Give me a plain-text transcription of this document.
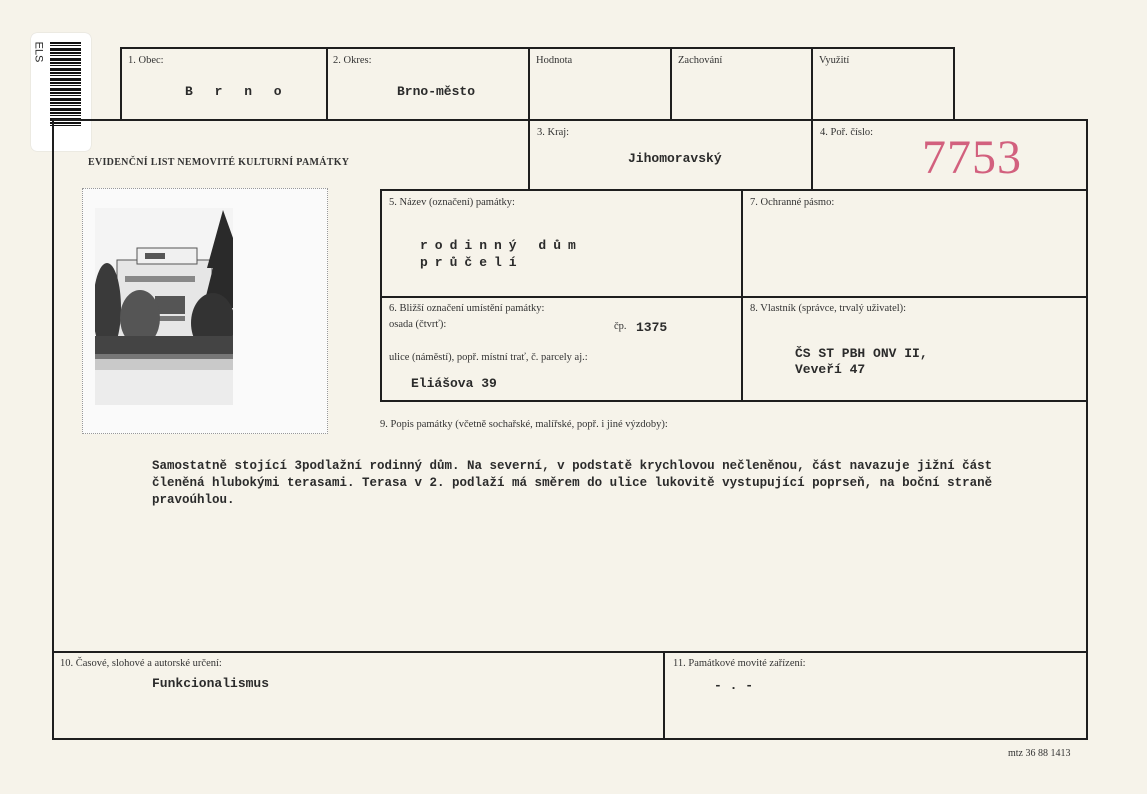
ELS	1. Obec:
B r n o
2. Okres:
Brno-město
Hodnota	Zachování	Využití
EVIDENČNÍ LIST NEMOVITÉ KULTURNÍ PAMÁTKY
3. Kraj:
Jihomoravský
4. Poř. číslo: 7753
5. Název (označení) památky:
rodinný dům
průčelí
7. Ochranné pásmo:
6. Bližší označení umístění památky:
osada (čtvrť):	čp. 1375
ulice (náměstí), popř. místní trať, č. parcely aj.:
Eliášova 39
8. Vlastník (správce, trvalý uživatel):
ČS ST PBH ONV II,
Veveří 47
9. Popis památky (včetně sochařské, malířské, popř. i jiné výzdoby):
Samostatně stojící 3podlažní rodinný dům. Na severní, v podstatě krychlovou nečleněnou, část navazuje jižní část
členěná hlubokými terasami. Terasa v 2. podlaží má směrem do ulice lukovitě vystupující poprseň, na boční straně
pravoúhlou.
10. Časové, slohové a autorské určení:
Funkcionalismus
11. Památkové movité zařízení:
- . -
mtz 36 88 1413
